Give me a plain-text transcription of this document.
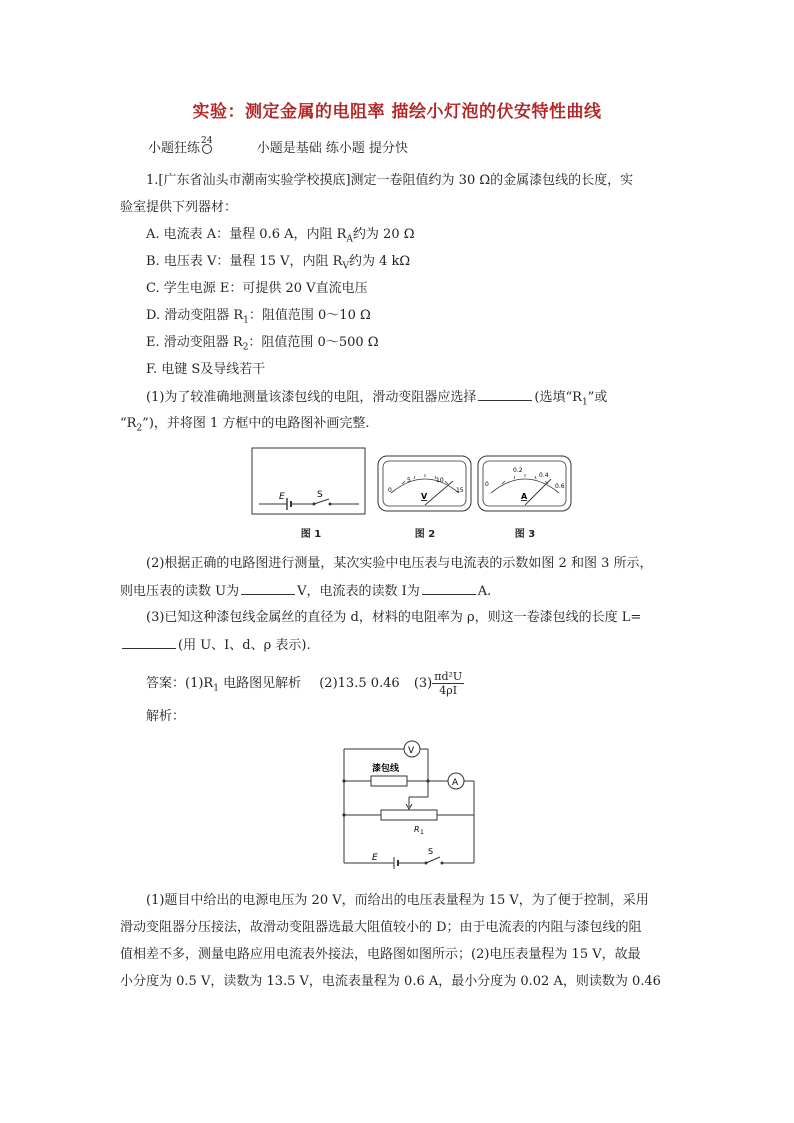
实验：测定金属的电阻率 描绘小灯泡的伏安特性曲线
小题狂练$^{24}$	小题是基础 练小题 提分快
1.[广东省汕头市潮南实验学校摸底]测定一卷阻值约为 30 Ω的金属漆包线的长度，实
验室提供下列器材：
A. 电流表 A：量程 0.6 A，内阻 $R_A$约为 20 Ω
B. 电压表 V：量程 15 V，内阻 $R_V$约为 4 kΩ
C. 学生电源 E：可提供 20 V直流电压
D. 滑动变阻器 $R_1$：阻值范围 0～10 Ω
E. 滑动变阻器 $R_2$：阻值范围 0～500 Ω
F. 电键 S及导线若干
(1)为了较准确地测量该漆包线的电阻，滑动变阻器应选择	(选填“$R_1$”或
“$R_2$”)，并将图 1 方框中的电路图补画完整.
E	S
图 1
0
5	10
15
V
图 2
0
0.2
0.4
0.6
A
图 3
(2)根据正确的电路图进行测量，某次实验中电压表与电流表的示数如图 2 和图 3 所示，
则电压表的读数 U为	V，电流表的读数 I为	A.
(3)已知这种漆包线金属丝的直径为 d，材料的电阻率为 ρ，则这一卷漆包线的长度 L=
(用 U、I、d、ρ 表示).
答案：$(1)R_1$ 电路图见解析 (2)13.5 0.46 $(3) \frac{\text{πd²U}}{4\rho I}$
解析：
V
A
漆包线
R 1
E
S
(1)题目中给出的电源电压为 20 V，而给出的电压表量程为 15 V，为了便于控制，采用
滑动变阻器分压接法，故滑动变阻器选最大阻值较小的 D；由于电流表的内阻与漆包线的阻
值相差不多，测量电路应用电流表外接法，电路图如图所示；(2)电压表量程为 15 V，故最
小分度为 0.5 V，读数为 13.5 V，电流表量程为 0.6 A，最小分度为 0.02 A，则读数为 0.46
